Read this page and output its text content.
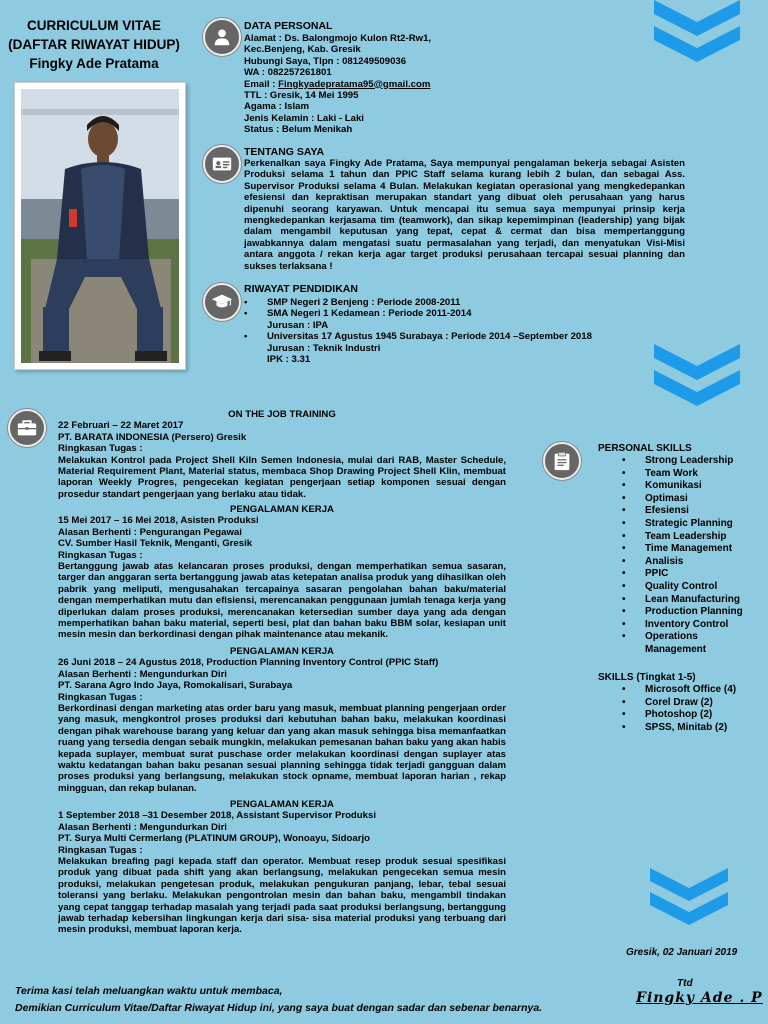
CURRICULUM VITAE
(DAFTAR RIWAYAT HIDUP)
Fingky Ade Pratama
DATA PERSONAL
Alamat : Ds. Balongmojo Kulon Rt2-Rw1,
Kec.Benjeng, Kab. Gresik
Hubungi Saya, Tlpn : 081249509036
WA : 082257261801
Email : Fingkyadepratama95@gmail.com
TTL : Gresik, 14 Mei 1995
Agama : Islam
Jenis Kelamin : Laki - Laki
Status : Belum Menikah
TENTANG SAYA
Perkenalkan saya Fingky Ade Pratama, Saya mempunyai pengalaman bekerja sebagai Asisten Produksi selama 1 tahun dan PPIC Staff selama kurang lebih 2 bulan, dan sebagai Ass. Supervisor Produksi selama 4 Bulan. Melakukan kegiatan operasional yang mengkedepankan efesiensi dan kepraktisan merupakan standart yang dibuat oleh perusahaan yang harus dipenuhi seorang karyawan. Untuk mencapai itu semua saya mempunyai prinsip kerja mengkedepankan kerjasama tim (teamwork), dan sikap kepemimpinan (leadership) yang bijak dalam mengambil keputusan yang tepat, cepat & cermat dan bisa mempertanggung jawabkannya dalam mengatasi suatu permasalahan yang terjadi, dan menyatukan Visi-Misi antara anggota / rekan kerja agar target produksi perusahaan tercapai sesuai planning dan sukses terlaksana !
RIWAYAT PENDIDIKAN
• SMP Negeri 2 Benjeng : Periode 2008-2011
• SMA Negeri 1 Kedamean : Periode 2011-2014
Jurusan : IPA
• Universitas 17 Agustus 1945 Surabaya : Periode 2014 –September 2018
Jurusan : Teknik Industri
IPK : 3.31
ON THE JOB TRAINING
22 Februari – 22 Maret 2017
PT. BARATA INDONESIA (Persero) Gresik
Ringkasan Tugas :
Melakukan Kontrol pada Project Shell Kiln Semen Indonesia, mulai dari RAB, Master Schedule, Material Requirement Plant, Material status, membaca Shop Drawing Project Shell Klin, membuat laporan Weekly Progres, pengecekan kegiatan pengerjaan setiap komponen sesuai dengan prosedur standart pengerjaan yang berlaku atau tidak.
PENGALAMAN KERJA
15 Mei 2017 – 16 Mei 2018, Asisten Produksi
Alasan Berhenti : Pengurangan Pegawai
CV. Sumber Hasil Teknik, Menganti, Gresik
Ringkasan Tugas :
Bertanggung jawab atas kelancaran proses produksi, dengan memperhatikan semua sasaran, targer dan anggaran serta bertanggung jawab atas ketepatan analisa produk yang dihasilkan oleh pabrik yang meliputi, mengusahakan tercapainya sasaran pengolahan bahan baku/material dengan memperhatikan mutu dan efisiensi, merencanakan penggunaan jumlah tenaga kerja yang diperlukan dalam proses produksi, merencanakan ketersedian sumber daya yang ada dengan memperhatikan bahan baku material, seperti besi, plat dan bahan baku BBM solar, kesiapan unit mesin mesin dan berkordinasi dengan pihak maintenance atau mekanik.
PENGALAMAN KERJA
26 Juni 2018 – 24 Agustus 2018, Production Planning Inventory Control (PPIC Staff)
Alasan Berhenti : Mengundurkan Diri
PT. Sarana Agro Indo Jaya, Romokalisari, Surabaya
Ringkasan Tugas :
Berkordinasi dengan marketing atas order baru yang masuk, membuat planning pengerjaan order yang masuk, mengkontrol proses produksi dari kebutuhan bahan baku, melakukan koordinasi dengan pihak warehouse barang yang keluar dan yang akan masuk sehingga bisa memanfaatkan ruang yang tersedia dengan sebaik mungkin, melakukan pemesanan bahan baku yang akan habis kepada suplayer, membuat surat puschase order melakukan koordinasi dengan suplayer atas waktu kedatangan bahan baku pesanan sesuai planning sehingga tidak terjadi gangguan dalam proses produksi yang berlangsung, melakukan stock opname, membuat laporan harian , rekap mingguan, dan rekap bulanan.
PENGALAMAN KERJA
1 September 2018 –31 Desember 2018, Assistant Supervisor Produksi
Alasan Berhenti : Mengundurkan Diri
PT. Surya Multi Cermerlang (PLATINUM GROUP), Wonoayu, Sidoarjo
Ringkasan Tugas :
Melakukan breafing pagi kepada staff dan operator. Membuat resep produk sesuai spesifikasi produk yang dibuat pada shift yang akan berlangsung, melakukan pengecekan semua mesin produksi, melakukan pengetesan produk, melakukan pengukuran panjang, lebar, tebal sesuai toleransi yang berlaku. Melakukan pengontrolan mesin dan bahan baku, mengambil tindakan yang cepat tanggap terhadap masalah yang terjadi pada saat produksi berlangsung, bertanggung jawab terhadap kebersihan lingkungan kerja dari sisa- sisa material produksi yang terbuang dari mesin produksi, membuat laporan kerja.
PERSONAL SKILLS
• Strong Leadership
• Team Work
• Komunikasi
• Optimasi
• Efesiensi
• Strategic Planning
• Team Leadership
• Time Management
• Analisis
• PPIC
• Quality Control
• Lean Manufacturing
• Production Planning
• Inventory Control
• Operations Management
SKILLS (Tingkat 1-5)
• Microsoft Office (4)
• Corel Draw (2)
• Photoshop (2)
• SPSS, Minitab (2)
Gresik, 02 Januari 2019
Ttd
Fingky Ade . P
Terima kasi telah meluangkan waktu untuk membaca,
Demikian Curriculum Vitae/Daftar Riwayat Hidup ini, yang saya buat dengan sadar dan sebenar benarnya.
